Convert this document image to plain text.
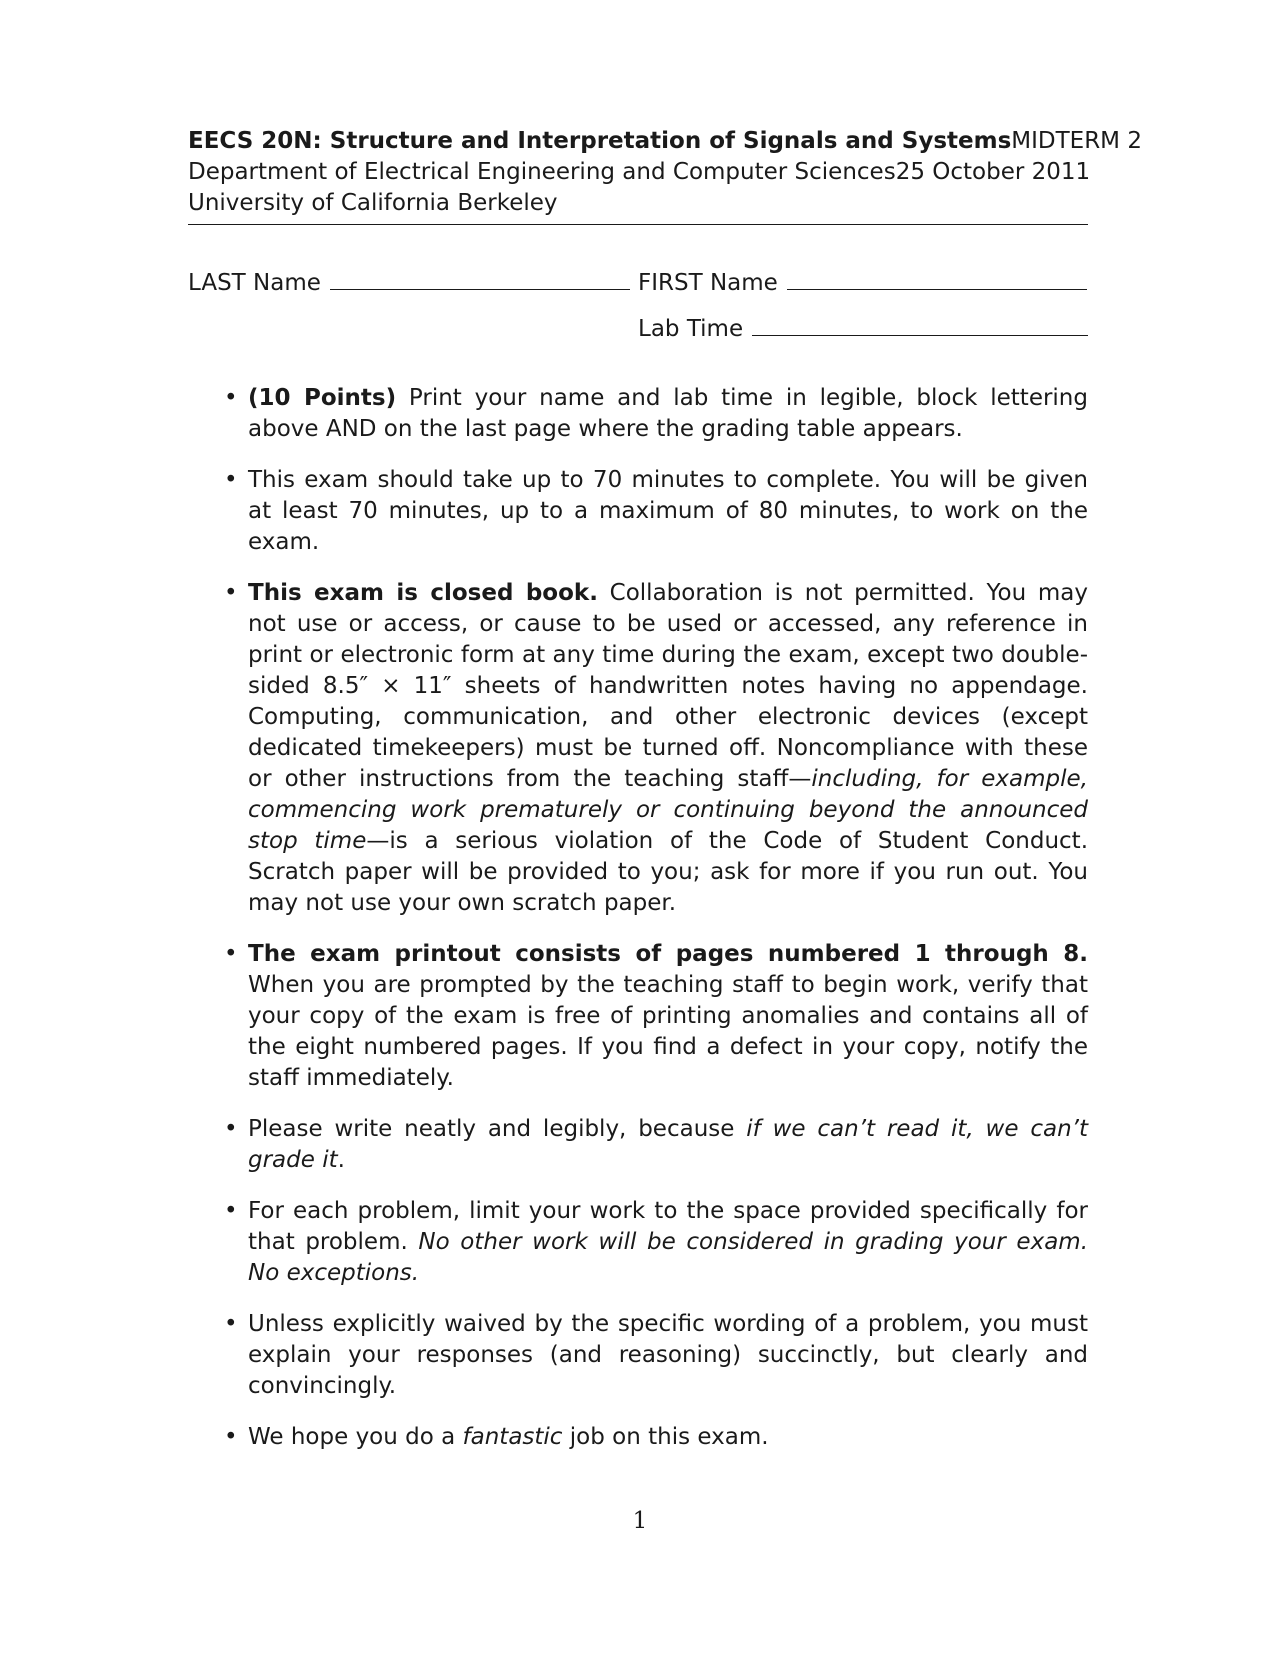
EECS 20N: Structure and Interpretation of Signals and Systems MIDTERM 2
Department of Electrical Engineering and Computer Sciences 25 October 2011
University of California Berkeley
LAST Name	FIRST Name
Lab Time
• (10 Points) Print your name and lab time in legible, block lettering above AND on the last page where the grading table appears.
• This exam should take up to 70 minutes to complete. You will be given at least 70 minutes, up to a maximum of 80 minutes, to work on the exam.
• This exam is closed book. Collaboration is not permitted. You may not use or access, or cause to be used or accessed, any reference in print or electronic form at any time during the exam, except two double-sided 8.5″ × 11″ sheets of handwritten notes having no appendage. Computing, communication, and other electronic devices (except dedicated timekeepers) must be turned off. Noncompliance with these or other instructions from the teaching staff—including, for example, commencing work prematurely or continuing beyond the announced stop time—is a serious violation of the Code of Student Conduct. Scratch paper will be provided to you; ask for more if you run out. You may not use your own scratch paper.
• The exam printout consists of pages numbered 1 through 8. When you are prompted by the teaching staff to begin work, verify that your copy of the exam is free of printing anomalies and contains all of the eight numbered pages. If you find a defect in your copy, notify the staff immediately.
• Please write neatly and legibly, because if we can’t read it, we can’t grade it.
• For each problem, limit your work to the space provided specifically for that problem. No other work will be considered in grading your exam. No exceptions.
• Unless explicitly waived by the specific wording of a problem, you must explain your responses (and reasoning) succinctly, but clearly and convincingly.
• We hope you do a fantastic job on this exam.
1
